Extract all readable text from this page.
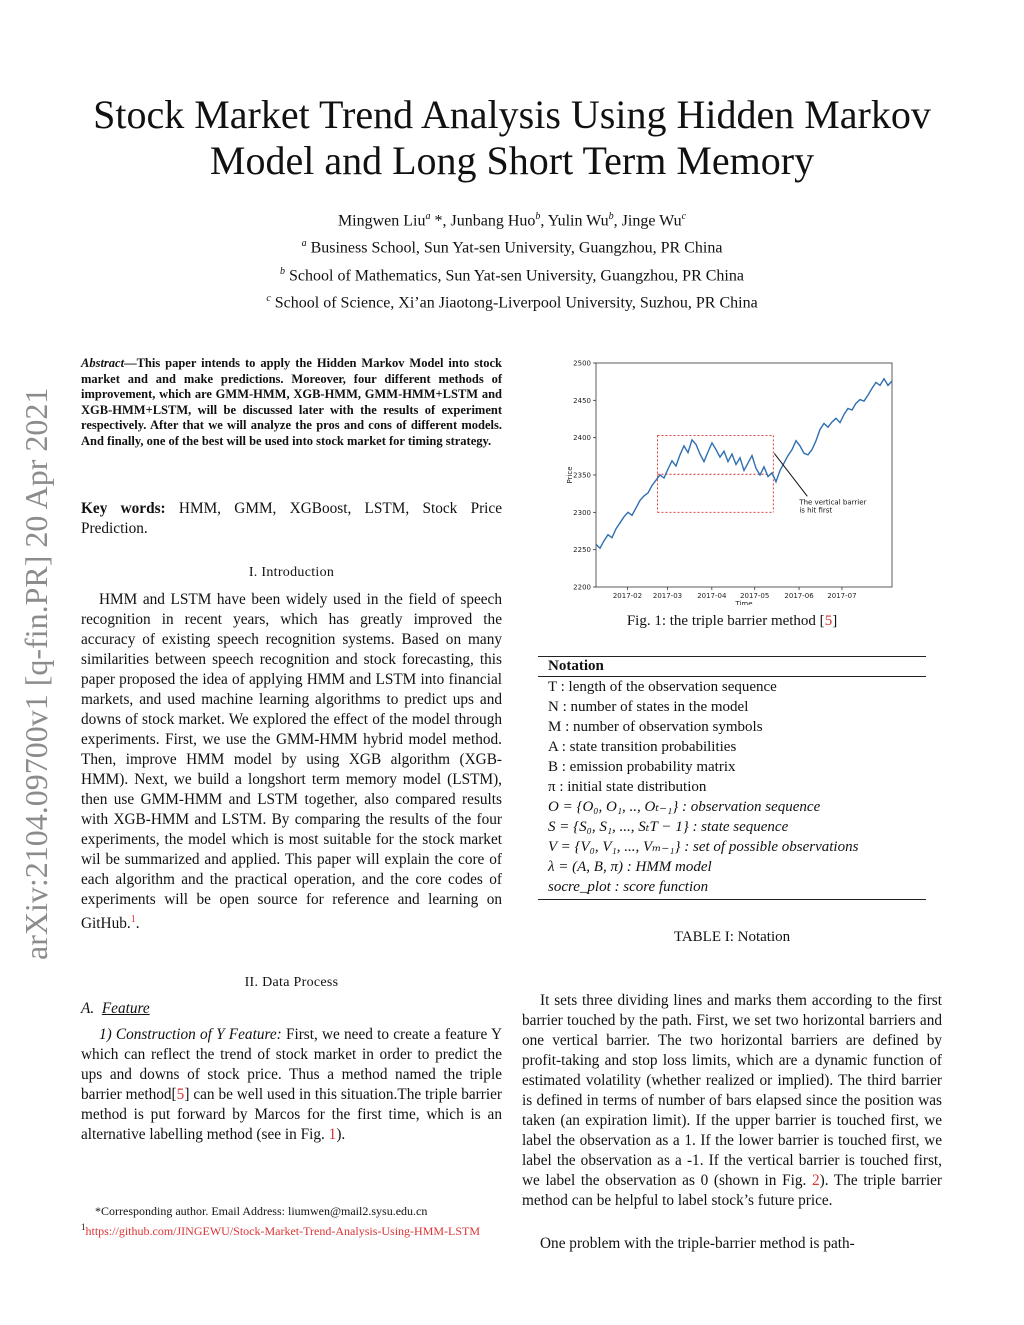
Stock Market Trend Analysis Using Hidden Markov
Model and Long Short Term Memory
Mingwen Liu$^a$ *, Junbang Huo$^b$, Yulin Wu$^b$, Jinge Wu$^c$
$^a$ Business School, Sun Yat-sen University, Guangzhou, PR China
$^b$ School of Mathematics, Sun Yat-sen University, Guangzhou, PR China
$^c$ School of Science, Xi’an Jiaotong-Liverpool University, Suzhou, PR China
arXiv:2104.09700v1 [q-fin.PR] 20 Apr 2021
Abstract—This paper intends to apply the Hidden Markov Model into stock market and and make predictions. Moreover, four different methods of improvement, which are GMM-HMM, XGB-HMM, GMM-HMM+LSTM and XGB-HMM+LSTM, will be discussed later with the results of experiment respectively. After that we will analyze the pros and cons of different models. And finally, one of the best will be used into stock market for timing strategy.
Key words: HMM, GMM, XGBoost, LSTM, Stock Price Prediction.
I. Introduction
HMM and LSTM have been widely used in the field of speech recognition in recent years, which has greatly improved the accuracy of existing speech recognition systems. Based on many similarities between speech recognition and stock forecasting, this paper proposed the idea of applying HMM and LSTM into financial markets, and used machine learning algorithms to predict ups and downs of stock market. We explored the effect of the model through experiments. First, we use the GMM-HMM hybrid model method. Then, improve HMM model by using XGB algorithm (XGB-HMM). Next, we build a longshort term memory model (LSTM), then use GMM-HMM and LSTM together, also compared results with XGB-HMM and LSTM. By comparing the results of the four experiments, the model which is most suitable for the stock market wil be summarized and applied. This paper will explain the core of each algorithm and the practical operation, and the core codes of experiments will be open source for reference and learning on GitHub.$^1$.
II. Data Process
A. Feature
1) Construction of Y Feature: First, we need to create a feature Y which can reflect the trend of stock market in order to predict the ups and downs of stock price. Thus a method named the triple barrier method[5] can be well used in this situation.The triple barrier method is put forward by Marcos for the first time, which is an alternative labelling method (see in Fig. 1).
*Corresponding author. Email Address: liumwen@mail2.sysu.edu.cn
$^1$https://github.com/JINGEWU/Stock-Market-Trend-Analysis-Using-HMM-LSTM
2200
2250
2300
2350
2400
2450
2500
2017-02 2017-03 2017-04 2017-05 2017-06 2017-07
Time
Price
The vertical barrier
is hit first
Fig. 1: the triple barrier method [5]
Notation
T : length of the observation sequence
N : number of states in the model
M : number of observation symbols
A : state transition probabilities
B : emission probability matrix
π : initial state distribution
O = {O₀, O₁, .., Oₜ₋₁} : observation sequence
S = {S₀, S₁, ..., SₜT − 1} : state sequence
V = {V₀, V₁, ..., Vₘ₋₁} : set of possible observations
λ = (A, B, π) : HMM model
socre_plot : score function
TABLE I: Notation
It sets three dividing lines and marks them according to the first barrier touched by the path. First, we set two horizontal barriers and one vertical barrier. The two horizontal barriers are defined by profit-taking and stop loss limits, which are a dynamic function of estimated volatility (whether realized or implied). The third barrier is defined in terms of number of bars elapsed since the position was taken (an expiration limit). If the upper barrier is touched first, we label the observation as a 1. If the lower barrier is touched first, we label the observation as a -1. If the vertical barrier is touched first, we label the observation as 0 (shown in Fig. 2). The triple barrier method can be helpful to label stock’s future price.
One problem with the triple-barrier method is path-
